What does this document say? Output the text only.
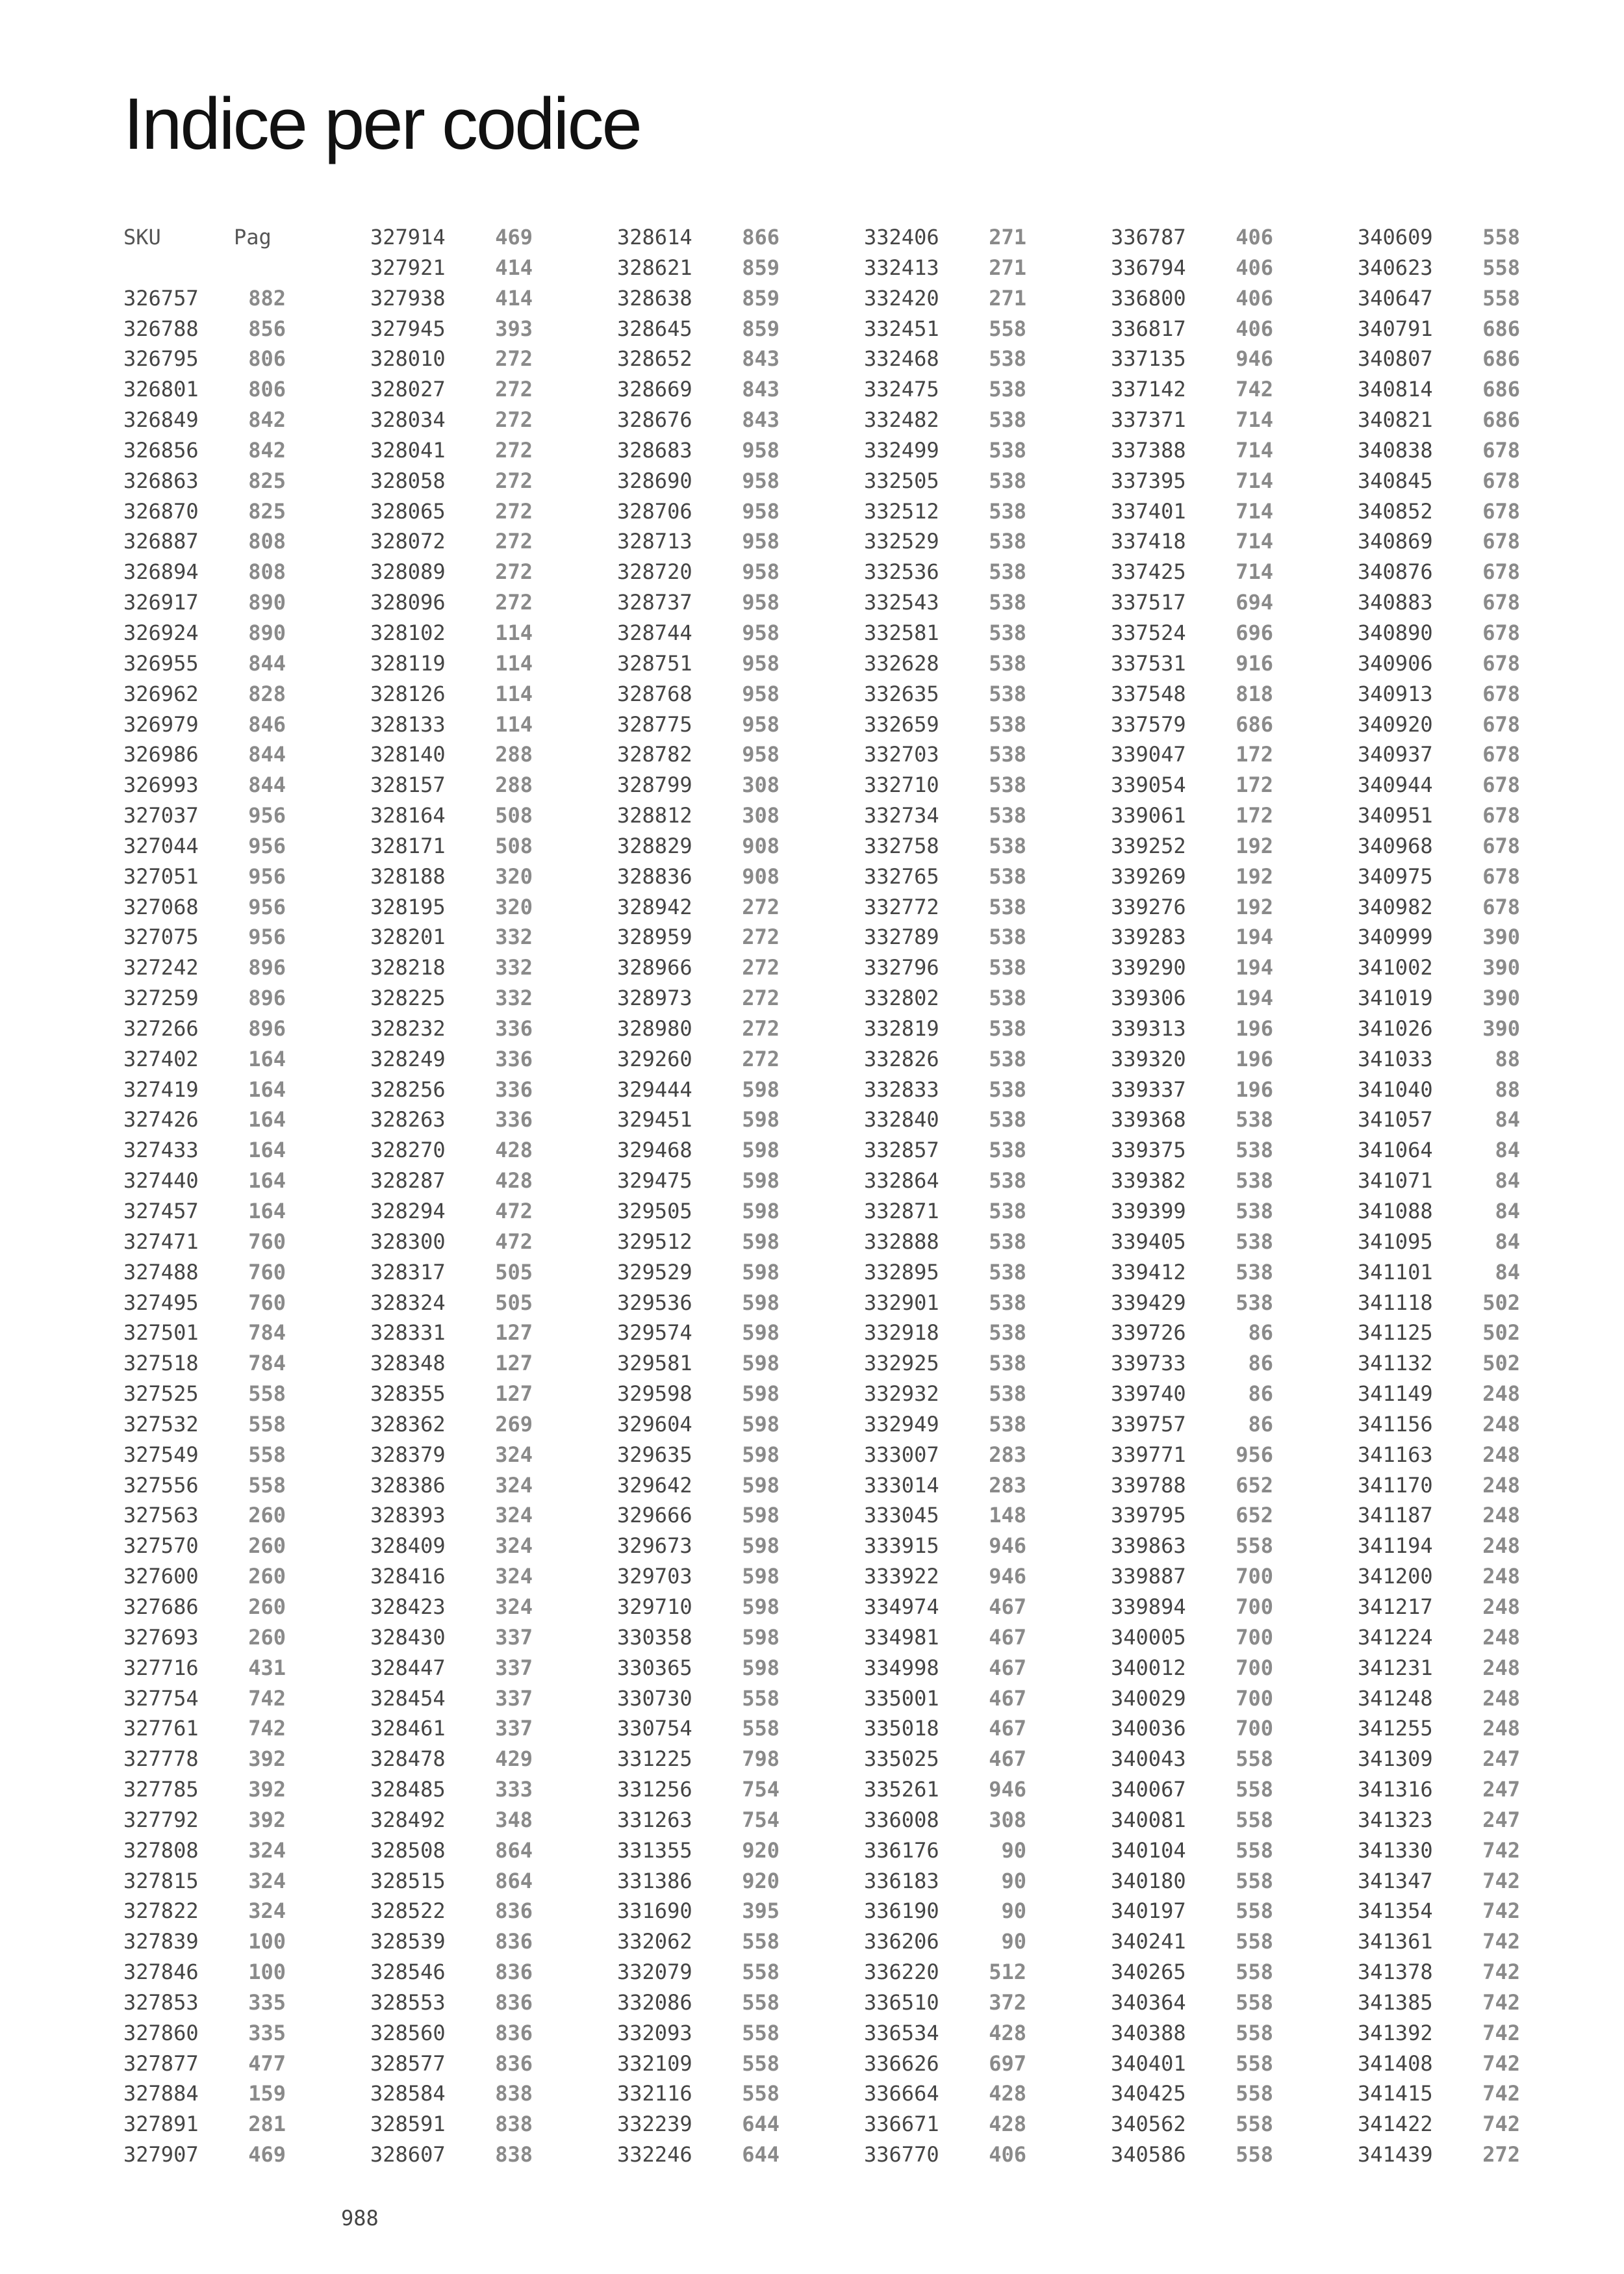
Indice per codice
SKU	Pag
326757 882
326788 856
326795 806
326801 806
326849 842
326856 842
326863 825
326870 825
326887 808
326894 808
326917 890
326924 890
326955 844
326962 828
326979 846
326986 844
326993 844
327037 956
327044 956
327051 956
327068 956
327075 956
327242 896
327259 896
327266 896
327402 164
327419 164
327426 164
327433 164
327440 164
327457 164
327471 760
327488 760
327495 760
327501 784
327518 784
327525 558
327532 558
327549 558
327556 558
327563 260
327570 260
327600 260
327686 260
327693 260
327716 431
327754 742
327761 742
327778 392
327785 392
327792 392
327808 324
327815 324
327822 324
327839 100
327846 100
327853 335
327860 335
327877 477
327884 159
327891 281
327907 469
327914 469
327921 414
327938 414
327945 393
328010 272
328027 272
328034 272
328041 272
328058 272
328065 272
328072 272
328089 272
328096 272
328102 114
328119 114
328126 114
328133 114
328140 288
328157 288
328164 508
328171 508
328188 320
328195 320
328201 332
328218 332
328225 332
328232 336
328249 336
328256 336
328263 336
328270 428
328287 428
328294 472
328300 472
328317 505
328324 505
328331 127
328348 127
328355 127
328362 269
328379 324
328386 324
328393 324
328409 324
328416 324
328423 324
328430 337
328447 337
328454 337
328461 337
328478 429
328485 333
328492 348
328508 864
328515 864
328522 836
328539 836
328546 836
328553 836
328560 836
328577 836
328584 838
328591 838
328607 838
328614 866
328621 859
328638 859
328645 859
328652 843
328669 843
328676 843
328683 958
328690 958
328706 958
328713 958
328720 958
328737 958
328744 958
328751 958
328768 958
328775 958
328782 958
328799 308
328812 308
328829 908
328836 908
328942 272
328959 272
328966 272
328973 272
328980 272
329260 272
329444 598
329451 598
329468 598
329475 598
329505 598
329512 598
329529 598
329536 598
329574 598
329581 598
329598 598
329604 598
329635 598
329642 598
329666 598
329673 598
329703 598
329710 598
330358 598
330365 598
330730 558
330754 558
331225 798
331256 754
331263 754
331355 920
331386 920
331690 395
332062 558
332079 558
332086 558
332093 558
332109 558
332116 558
332239 644
332246 644
332406 271
332413 271
332420 271
332451 558
332468 538
332475 538
332482 538
332499 538
332505 538
332512 538
332529 538
332536 538
332543 538
332581 538
332628 538
332635 538
332659 538
332703 538
332710 538
332734 538
332758 538
332765 538
332772 538
332789 538
332796 538
332802 538
332819 538
332826 538
332833 538
332840 538
332857 538
332864 538
332871 538
332888 538
332895 538
332901 538
332918 538
332925 538
332932 538
332949 538
333007 283
333014 283
333045 148
333915 946
333922 946
334974 467
334981 467
334998 467
335001 467
335018 467
335025 467
335261 946
336008 308
336176	90
336183	90
336190	90
336206	90
336220 512
336510 372
336534 428
336626 697
336664 428
336671 428
336770 406
336787 406
336794 406
336800 406
336817 406
337135 946
337142 742
337371 714
337388 714
337395 714
337401 714
337418 714
337425 714
337517 694
337524 696
337531 916
337548 818
337579 686
339047 172
339054 172
339061 172
339252 192
339269 192
339276 192
339283 194
339290 194
339306 194
339313 196
339320 196
339337 196
339368 538
339375 538
339382 538
339399 538
339405 538
339412 538
339429 538
339726	86
339733	86
339740	86
339757	86
339771 956
339788 652
339795 652
339863 558
339887 700
339894 700
340005 700
340012 700
340029 700
340036 700
340043 558
340067 558
340081 558
340104 558
340180 558
340197 558
340241 558
340265 558
340364 558
340388 558
340401 558
340425 558
340562 558
340586 558
340609 558
340623 558
340647 558
340791 686
340807 686
340814 686
340821 686
340838 678
340845 678
340852 678
340869 678
340876 678
340883 678
340890 678
340906 678
340913 678
340920 678
340937 678
340944 678
340951 678
340968 678
340975 678
340982 678
340999 390
341002 390
341019 390
341026 390
341033	88
341040	88
341057	84
341064	84
341071	84
341088	84
341095	84
341101	84
341118 502
341125 502
341132 502
341149 248
341156 248
341163 248
341170 248
341187 248
341194 248
341200 248
341217 248
341224 248
341231 248
341248 248
341255 248
341309 247
341316 247
341323 247
341330 742
341347 742
341354 742
341361 742
341378 742
341385 742
341392 742
341408 742
341415 742
341422 742
341439 272
988
